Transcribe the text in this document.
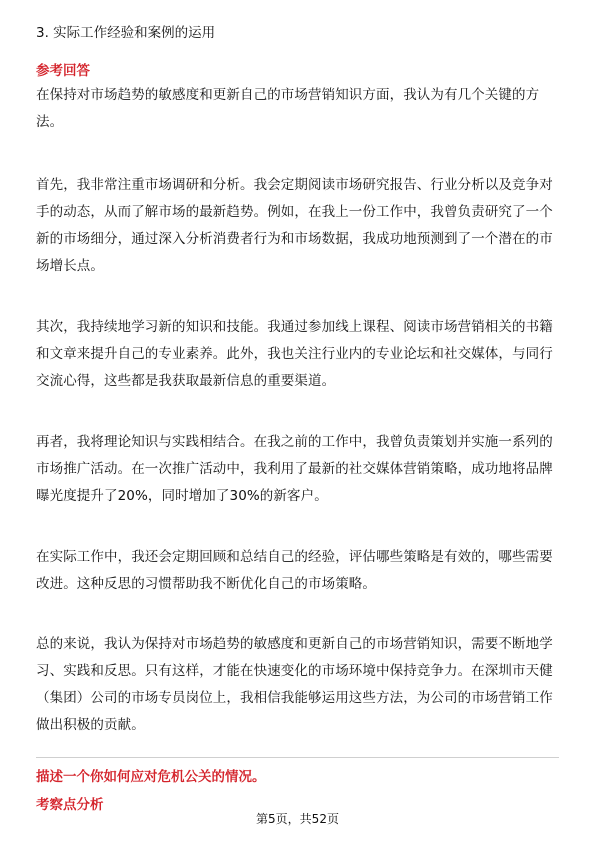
3. 实际工作经验和案例的运用
参考回答
在保持对市场趋势的敏感度和更新自己的市场营销知识方面，我认为有几个关键的方法。
首先，我非常注重市场调研和分析。我会定期阅读市场研究报告、行业分析以及竞争对手的动态，从而了解市场的最新趋势。例如，在我上一份工作中，我曾负责研究了一个新的市场细分，通过深入分析消费者行为和市场数据，我成功地预测到了一个潜在的市场增长点。
其次，我持续地学习新的知识和技能。我通过参加线上课程、阅读市场营销相关的书籍和文章来提升自己的专业素养。此外，我也关注行业内的专业论坛和社交媒体，与同行交流心得，这些都是我获取最新信息的重要渠道。
再者，我将理论知识与实践相结合。在我之前的工作中，我曾负责策划并实施一系列的市场推广活动。在一次推广活动中，我利用了最新的社交媒体营销策略，成功地将品牌曝光度提升了20%，同时增加了30%的新客户。
在实际工作中，我还会定期回顾和总结自己的经验，评估哪些策略是有效的，哪些需要改进。这种反思的习惯帮助我不断优化自己的市场策略。
总的来说，我认为保持对市场趋势的敏感度和更新自己的市场营销知识，需要不断地学习、实践和反思。只有这样，才能在快速变化的市场环境中保持竞争力。在深圳市天健（集团）公司的市场专员岗位上，我相信我能够运用这些方法，为公司的市场营销工作做出积极的贡献。
描述一个你如何应对危机公关的情况。
考察点分析
第5页，共52页
